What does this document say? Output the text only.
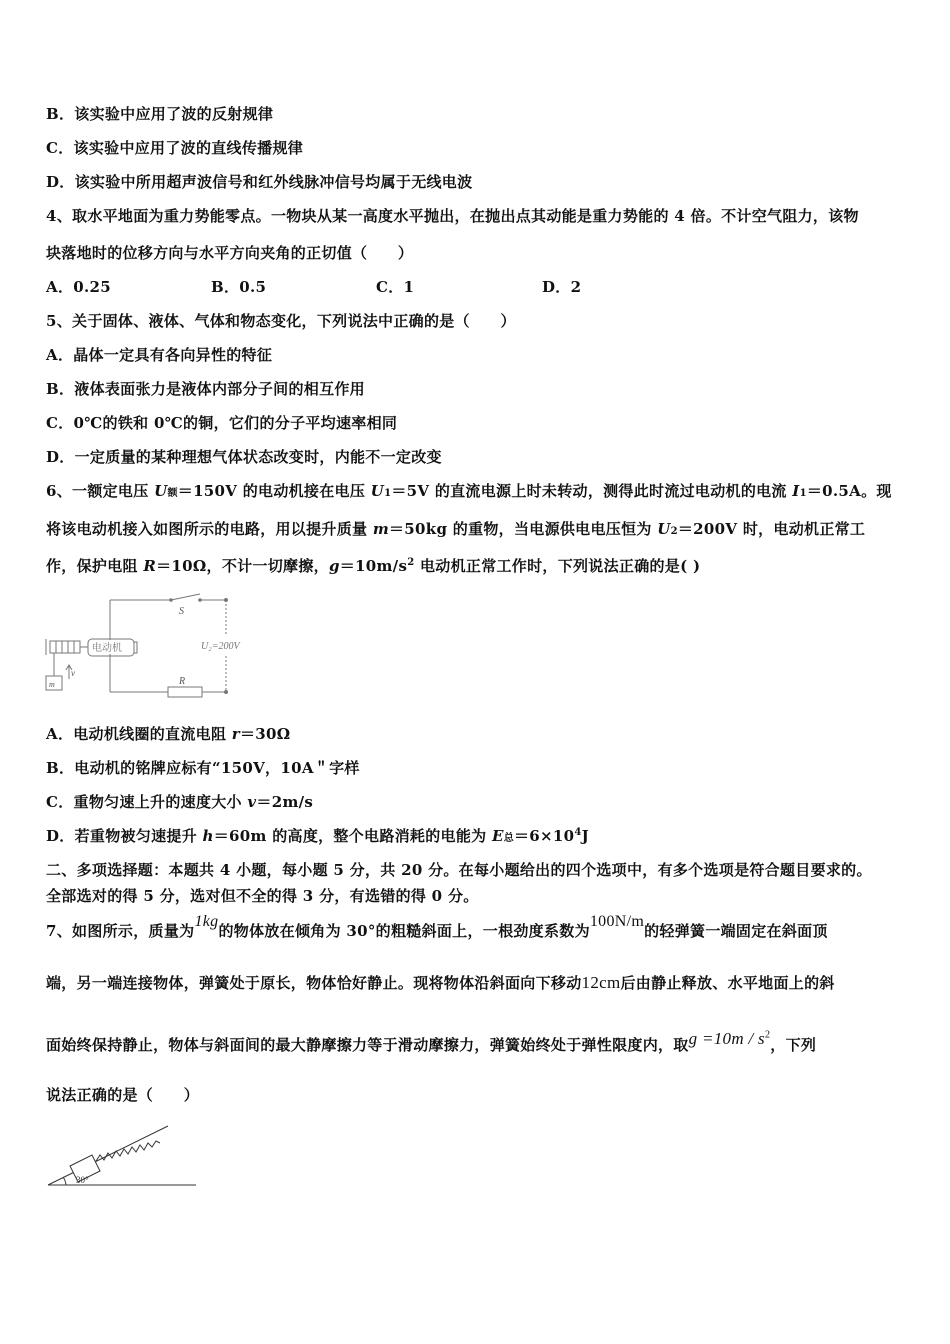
B．该实验中应用了波的反射规律
C．该实验中应用了波的直线传播规律
D．该实验中所用超声波信号和红外线脉冲信号均属于无线电波
4、取水平地面为重力势能零点。一物块从某一高度水平抛出，在抛出点其动能是重力势能的 4 倍。不计空气阻力，该物
块落地时的位移方向与水平方向夹角的正切值（　　）
A．0.25	B．0.5	C．1	D．2
5、关于固体、液体、气体和物态变化，下列说法中正确的是（　　）
A．晶体一定具有各向异性的特征
B．液体表面张力是液体内部分子间的相互作用
C．0℃的铁和 0℃的铜，它们的分子平均速率相同
D．一定质量的某种理想气体状态改变时，内能不一定改变
6、一额定电压 U额＝150V 的电动机接在电压 U1＝5V 的直流电源上时未转动，测得此时流过电动机的电流 I1＝0.5A。现
将该电动机接入如图所示的电路，用以提升质量 m＝50kg 的重物，当电源供电电压恒为 U2＝200V 时，电动机正常工
作，保护电阻 R＝10Ω，不计一切摩擦，$g=10m/s^2$ 电动机正常工作时，下列说法正确的是( )
S
U₂=200V
电动机
R
v
m
A．电动机线圈的直流电阻 r＝30Ω
B．电动机的铭牌应标有“150V，10A＂字样
C．重物匀速上升的速度大小 v＝2m/s
D．若重物被匀速提升 h＝60m 的高度，整个电路消耗的电能为 E总$=6\times 10^4J$
二、多项选择题：本题共 4 小题，每小题 5 分，共 20 分。在每小题给出的四个选项中，有多个选项是符合题目要求的。
全部选对的得 5 分，选对但不全的得 3 分，有选错的得 0 分。
7、如图所示，质量为1kg的物体放在倾角为 30°的粗糙斜面上，一根劲度系数为100N/m的轻弹簧一端固定在斜面顶
端，另一端连接物体，弹簧处于原长，物体恰好静止。现将物体沿斜面向下移动12cm后由静止释放、水平地面上的斜
面始终保持静止，物体与斜面间的最大静摩擦力等于滑动摩擦力，弹簧始终处于弹性限度内，取$g =10m / s^2$，下列
说法正确的是（　　）
30°
